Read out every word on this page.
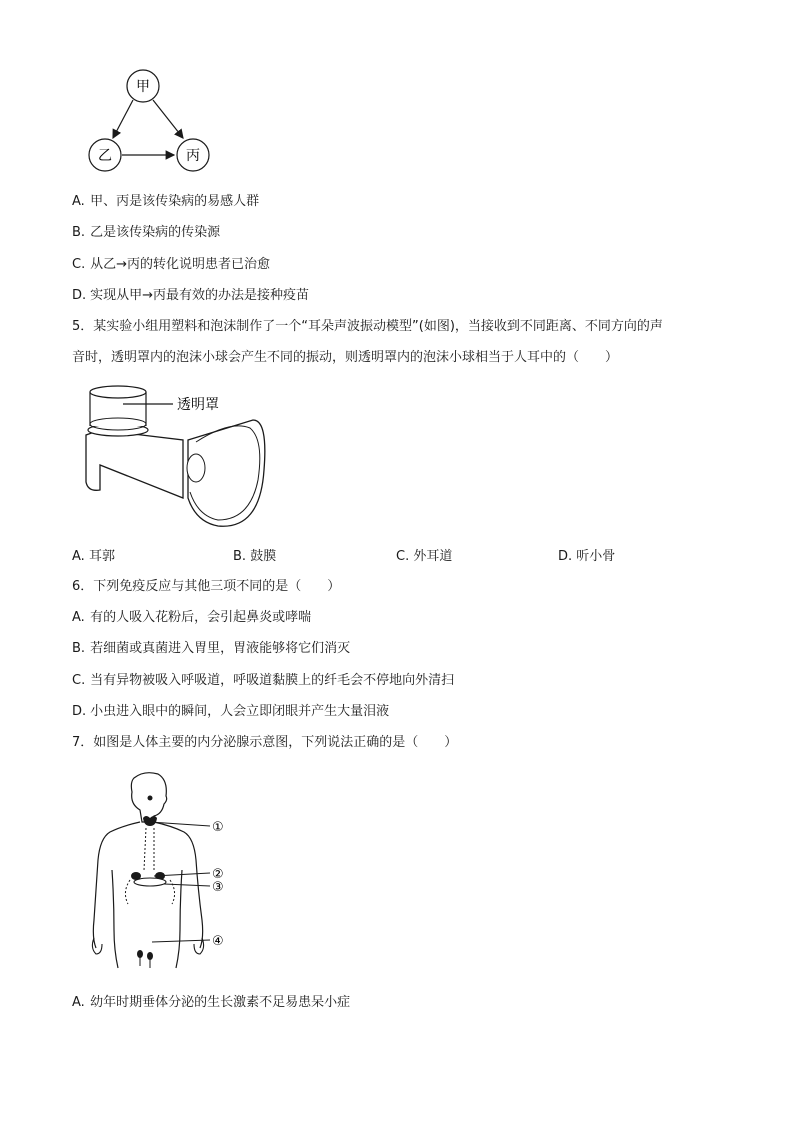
甲
乙	丙
A. 甲、丙是该传染病的易感人群
B. 乙是该传染病的传染源
C. 从乙→丙的转化说明患者已治愈
D. 实现从甲→丙最有效的办法是接种疫苗
5．某实验小组用塑料和泡沫制作了一个“耳朵声波振动模型”(如图)，当接收到不同距离、不同方向的声
音时，透明罩内的泡沫小球会产生不同的振动，则透明罩内的泡沫小球相当于人耳中的（　　）
透明罩
A. 耳郭	B. 鼓膜	C. 外耳道	D. 听小骨
6．下列免疫反应与其他三项不同的是（　　）
A. 有的人吸入花粉后，会引起鼻炎或哮喘
B. 若细菌或真菌进入胃里，胃液能够将它们消灭
C. 当有异物被吸入呼吸道，呼吸道黏膜上的纤毛会不停地向外清扫
D. 小虫进入眼中的瞬间，人会立即闭眼并产生大量泪液
7．如图是人体主要的内分泌腺示意图，下列说法正确的是（　　）
①
②
③
④
A. 幼年时期垂体分泌的生长激素不足易患呆小症
